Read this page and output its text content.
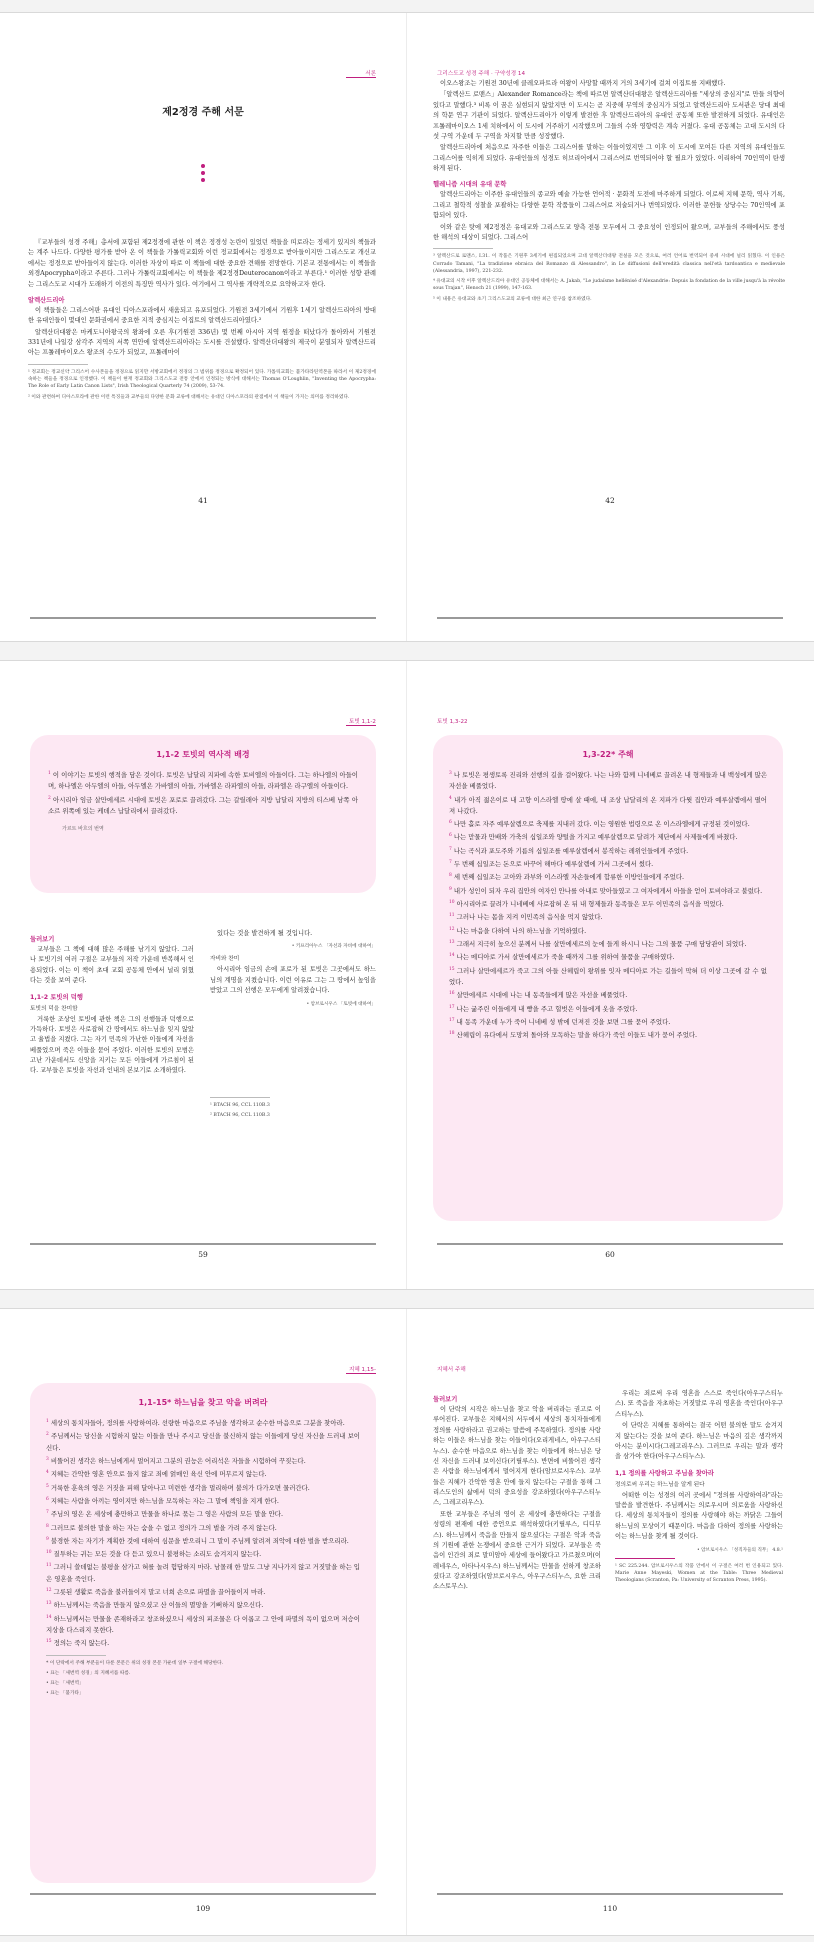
서론
제2정경 주해 서문
『교부들의 성경 주해』총서에 포함된 제2정경에 관한 이 책은 정경성 논란이 있었던 책들을 띠로라는 정세기 있지의 책들과는 계주 나드다. 다양한 평가를 받아 온 이 책들을 가톨릭교회와 이런 정교회에서는 정경으로 받아들이지만 그리스도교 개신교에서는 정경으로 받아들이지 않는다. 이러한 자상이 따로 이 책들에 대한 중요한 견해를 전망한다. 기본교 전통에서는 이 책들을 외경Apocrypha이라고 주른다. 그러나 가톨릭교회에서는 이 책들을 제2정경Deuterocanon이라고 부른다.¹ 이러한 성향 관례는 그리스도교 시대가 도래하기 이전의 특징만 역사가 있다. 여기에서 그 역사를 개략적으로 요약하고자 한다.
알렉산드리아
이 책들들은 그리스어판 유대인 디아스포라에서 새움되고 유포되었다. 기원전 3세기에서 기원후 1세기 알렉산드리아의 방대한 유대인들이 몇대인 문화권에서 중요한 지적 중심지는 이집트의 알렉산드리아였다.²
알렉산더대왕은 마케도니아왕국의 왕좌에 오른 후(기원전 336년) 몇 번째 아시아 지역 원정을 떠났다가 돌아와서 기원전 331년에 나일강 삼각주 지역의 서쪽 연안에 알렉산드리아라는 도시를 건설했다. 알렉산더대왕의 제국이 분열되자 알렉산드리아는 프톨레마이오스 왕조의 수도가 되었고, 프톨레마이
¹ 정교회는 정교신약 그리스어 수사본들을 정경으로 읽지만 서방교회에서 정경의 그 범위를 정경으로 확정되어 있다. 가톨릭교회는 불가타라틴역본을 따라서 이 제2정경에 속하는 책들을 정경으로 인정했다. 이 책들이 현재 정교회와 그리스도교 전통 안에서 인정되는 방식에 대해서는 Thomas O'Loughlin, "Inventing the Apocrypha: The Role of Early Latin Canon Lists", Irish Theological Quarterly 74 (2009), 53-74.
² 이와 관련하여 디아스포라에 관한 이런 특징들과 교부들의 다양한 문화 교류에 대해서는 유대인 디아스포라의 관점에서 이 책들이 가지는 의미를 정리하였다.
41
그리스도교 성경 주해 · 구약성경 14
이오스왕조는 기원전 30년에 클레오파트라 여왕이 사망할 때까지 거의 3세기에 걸쳐 이집트를 지배했다.
「알렉산드 로맨스」Alexander Romance라는 책에 따르면 알렉산더대왕은 알렉산드리아를 "세상의 중심지"로 만들 의향이 있다고 말했다.³ 비록 이 꿈은 실현되지 않았지만 이 도시는 곧 지중해 무역의 중심지가 되었고 알렉산드리아 도서관은 당대 최대의 학문 연구 기관이 되었다. 알렉산드리아가 이렇게 발전한 후 알렉산드리아의 유대인 공동체 또한 발전하게 되었다. 유대인은 프톨레마이오스 1세 치하에서 이 도시에 거주하기 시작했으며 그들의 수와 영향력은 계속 커졌다. 유대 공동체는 고대 도시의 다섯 구역 가운데 두 구역을 차지할 만큼 성장했다.
알렉산드리아에 처음으로 자주한 이들은 그리스어를 말하는 이들이었지만 그 이후 이 도시에 모여든 다른 지역의 유대인들도 그리스어를 익히게 되었다. 유대인들의 성경도 히브리어에서 그리스어로 번역되어야 할 필요가 있었다. 이리하여 70인역이 탄생하게 된다.
헬레니즘 시대의 유대 문학
알렉산드리아는 이주한 유대인들의 종교와 예술 가능한 언어적 · 문화적 도전에 마주하게 되었다. 이로써 지혜 문학, 역사 기록, 그리고 철학적 성찰을 포괄하는 다양한 문학 작품들이 그리스어로 저술되거나 번역되었다. 이러한 문헌들 상당수는 70인역에 포함되어 있다.
이와 같은 탓에 제2정경은 유대교와 그리스도교 양측 전통 모두에서 그 중요성이 인정되어 왔으며, 교부들의 주해에서도 풍성한 해석의 대상이 되었다. 그리스어
³ 알렉산드로 로맨스, I.31. 이 작품은 기원후 3세기에 편집되었으며 고대 알렉산더대왕 전설을 모은 것으로, 여러 언어로 번역되어 중세 시대에 널리 읽혔다. 이 인용은 Corrado Tamani, "La tradizione ebraica del Romanzo di Alessandro", in Le diffusioni dell'eredità classica nell'età tardoantica e medievale (Alessandria, 1997), 221-232.
⁴ 유대교의 시작 이후 알렉산드리아 유대인 공동체에 대해서는 A. Jakab, "Le judaïsme hellénisé d'Alexandrie: Depuis la fondation de la ville jusqu'à la révolte sous Trajan", Henoch 21 (1999), 147-163.
⁵ 이 내용은 유대교와 초기 그리스도교의 교류에 대한 최근 연구를 참조하였다.
42
토빗 1,1-2
1,1-2 토빗의 역사적 배경
$^1$ 이 이야기는 토빗의 행적을 담은 것이다. 토빗은 납달리 지파에 속한 토비엘의 아들이다. 그는 하나엘의 아들이며, 하나엘은 아두엘의 아들, 아두엘은 가바엘의 아들, 가바엘은 라파엘의 아들, 라파엘은 라구엘의 아들이다.
$^2$ 아시리아 임금 살만에세르 시대에 토빗은 포로로 끌려갔다. 그는 갈릴래아 지방 납달리 지방의 티스베 남쪽 아소르 위쪽에 있는 케데스 납달리에서 끌려갔다.
가르트 바흐의 번역
둘러보기
교부들은 그 책에 대해 많은 주해를 남기지 않았다. 그러나 토빗기의 여러 구절은 교부들의 저작 가운데 반복해서 인용되었다. 이는 이 책이 초대 교회 공동체 안에서 널리 읽혔다는 것을 보여 준다.
1,1-2 토빗의 덕행
토빗의 덕을 찬미함
거룩한 조상인 토빗에 관한 책은 그의 선행들과 덕행으로 가득하다. 토빗은 사로잡혀 간 땅에서도 하느님을 잊지 않았고 율법을 지켰다. 그는 자기 민족의 가난한 이들에게 자선을 베풀었으며 죽은 이들을 묻어 주었다. 이러한 토빗의 모범은 고난 가운데서도 신앙을 지키는 모든 이들에게 가르침이 된다. 교부들은 토빗을 자선과 인내의 본보기로 소개하였다.
있다는 것을 발견하게 될 것입니다.
• 키프리아누스 「자선과 자비에 대하여」
자비와 찬미
아시리아 임금의 손에 포로가 된 토빗은 그곳에서도 하느님의 계명을 지켰습니다. 이런 이유로 그는 그 땅에서 높임을 받았고 그의 선행은 모두에게 알려졌습니다.
• 암브로시우스 「토빗에 대하여」
¹ BTACH 96, CCL 110B.3
² BTACH 96, CCL 110B.3
59
토빗 1,3-22
1,3-22* 주해
$^3$ 나 토빗은 평생토록 진리와 선행의 길을 걸어왔다. 나는 나와 함께 니네베로 끌려온 내 형제들과 내 백성에게 많은 자선을 베풀었다.
$^4$ 내가 아직 젊은이로 내 고향 이스라엘 땅에 살 때에, 내 조상 납달리의 온 지파가 다윗 집안과 예루살렘에서 떨어져 나갔다.
$^6$ 나만 홀로 자주 예루살렘으로 축제를 지내러 갔다. 이는 영원한 법령으로 온 이스라엘에게 규정된 것이었다.
$^6$ 나는 맏물과 만배와 가축의 십일조와 양털을 가지고 예루살렘으로 달려가 제단에서 사제들에게 바쳤다.
$^7$ 나는 곡식과 포도주와 기름의 십일조를 예루살렘에서 봉직하는 레위인들에게 주었다.
$^7$ 두 번째 십일조는 돈으로 바꾸어 해마다 예루살렘에 가서 그곳에서 썼다.
$^8$ 세 번째 십일조는 고아와 과부와 이스라엘 자손들에게 합류한 이방인들에게 주었다.
$^9$ 내가 성인이 되자 우리 집안의 여자인 안나를 아내로 맞아들였고 그 여자에게서 아들을 얻어 토비야라고 불렀다.
$^{10}$ 아시리아로 끌려가 니네베에 사로잡혀 온 뒤 내 형제들과 동족들은 모두 이민족의 음식을 먹었다.
$^{11}$ 그러나 나는 몸을 지켜 이민족의 음식을 먹지 않았다.
$^{12}$ 나는 마음을 다하여 나의 하느님을 기억하였다.
$^{13}$ 그래서 지극히 높으신 분께서 나를 살만에세르의 눈에 들게 하시니 나는 그의 물품 구매 담당관이 되었다.
$^{14}$ 나는 메디아로 가서 살만에세르가 죽을 때까지 그를 위하여 물품을 구매하였다.
$^{15}$ 그러나 살만에세르가 죽고 그의 아들 산헤립이 왕위를 잇자 메디아로 가는 길들이 막혀 더 이상 그곳에 갈 수 없었다.
$^{16}$ 살만에세르 시대에 나는 내 동족들에게 많은 자선을 베풀었다.
$^{17}$ 나는 굶주린 이들에게 내 빵을 주고 헐벗은 이들에게 옷을 주었다.
$^{17}$ 내 동족 가운데 누가 죽어 니네베 성 밖에 던져진 것을 보면 그를 묻어 주었다.
$^{18}$ 산헤립이 유다에서 도망쳐 돌아와 모독하는 말을 하다가 죽인 이들도 내가 묻어 주었다.
60
지혜 1,15-
1,1-15* 하느님을 찾고 악을 버려라
$^1$ 세상의 통치자들아, 정의를 사랑하여라. 선량한 마음으로 주님을 생각하고 순수한 마음으로 그분을 찾아라.
$^2$ 주님께서는 당신을 시험하지 않는 이들을 만나 주시고 당신을 불신하지 않는 이들에게 당신 자신을 드러내 보이신다.
$^3$ 비뚤어진 생각은 하느님에게서 멀어지고 그분의 권능은 어리석은 자들을 시험하여 꾸짖는다.
$^4$ 지혜는 간악한 영혼 안으로 들지 않고 죄에 얽매인 육신 안에 머무르지 않는다.
$^5$ 거룩한 훈육의 영은 거짓을 피해 달아나고 미련한 생각을 멀리하며 불의가 다가오면 물러간다.
$^6$ 지혜는 사람을 아끼는 영이지만 하느님을 모독하는 자는 그 말에 책임을 지게 한다.
$^7$ 주님의 영은 온 세상에 충만하고 만물을 하나로 묶는 그 영은 사람의 모든 말을 안다.
$^8$ 그러므로 불의한 말을 하는 자는 숨을 수 없고 정의가 그의 벌을 가려 주지 않는다.
$^9$ 불경한 자는 자기가 계획한 것에 대하여 심문을 받으리니 그 말이 주님께 알려져 죄악에 대한 벌을 받으리라.
$^{10}$ 질투하는 귀는 모든 것을 다 듣고 있으니 불평하는 소리도 숨겨지지 않는다.
$^{11}$ 그러니 쓸데없는 불평을 삼가고 혀를 놀려 험담하지 마라. 남몰래 한 말도 그냥 지나가지 않고 거짓말을 하는 입은 영혼을 죽인다.
$^{12}$ 그릇된 생활로 죽음을 불러들이지 말고 너희 손으로 파멸을 끌어들이지 마라.
$^{13}$ 하느님께서는 죽음을 만들지 않으셨고 산 이들의 멸망을 기뻐하지 않으신다.
$^{14}$ 하느님께서는 만물을 존재하라고 창조하셨으니 세상의 피조물은 다 이롭고 그 안에 파멸의 독이 없으며 저승이 지상을 다스리지 못한다.
$^{15}$ 정의는 죽지 않는다.
* 이 단락에서 주해 부분들이 다룬 본문은 위의 성경 본문 가운데 일부 구절에 해당한다.
• 표는 「새번역 성경」의 지혜서를 따름.
• 표는 「새번역」
• 표는 「불가타」
109
지혜서 주해
둘러보기
이 단락의 시작은 하느님을 찾고 악을 버리라는 권고로 이루어진다. 교부들은 지혜서의 서두에서 세상의 통치자들에게 정의를 사랑하라고 권고하는 말씀에 주목하였다. 정의를 사랑하는 이들은 하느님을 찾는 이들이다(오리게네스, 아우구스티누스). 순수한 마음으로 하느님을 찾는 이들에게 하느님은 당신 자신을 드러내 보이신다(키릴루스). 반면에 비뚤어진 생각은 사람을 하느님에게서 멀어지게 한다(암브로시우스). 교부들은 지혜가 간악한 영혼 안에 들지 않는다는 구절을 통해 그리스도인의 삶에서 덕의 중요성을 강조하였다(아우구스티누스, 그레고리우스).
또한 교부들은 주님의 영이 온 세상에 충만하다는 구절을 성령의 편재에 대한 증언으로 해석하였다(키릴루스, 디디무스). 하느님께서 죽음을 만들지 않으셨다는 구절은 악과 죽음의 기원에 관한 논쟁에서 중요한 근거가 되었다. 교부들은 죽음이 인간의 죄로 말미암아 세상에 들어왔다고 가르쳤으며(이레네우스, 아타나시우스) 하느님께서는 만물을 선하게 창조하셨다고 강조하였다(암브로시우스, 아우구스티누스, 요한 크리소스토무스).
우리는 죄로써 우리 영혼을 스스로 죽인다(아우구스티누스). 또 죽음을 자초하는 거짓말로 우리 영혼을 죽인다(아우구스티누스).
이 단락은 지혜를 통하여는 결국 어떤 불의한 말도 숨겨지지 않는다는 것을 보여 준다. 하느님은 마음의 깊은 생각까지 아시는 분이시다(그레고리우스). 그러므로 우리는 말과 생각을 삼가야 한다(아우구스티누스).
1,1 정의를 사랑하고 주님을 찾아라
정의로써 우리는 하느님을 알게 된다
어떠한 이는 성경의 여러 곳에서 "정의를 사랑하여라"라는 말씀을 발견한다. 주님께서는 의로우시며 의로움을 사랑하신다. 세상의 통치자들이 정의를 사랑해야 하는 까닭은 그들이 하느님의 모상이기 때문이다. 마음을 다하여 정의를 사랑하는 이는 하느님을 찾게 될 것이다.
• 암브로시우스 「성직자들의 직무」 4.8.¹
¹ SC 225.244. 암브로시우스의 작품 안에서 이 구절은 여러 번 인용되고 있다. Marie Anne Mayeski, Women at the Table: Three Medieval Theologians (Scranton, Pa: University of Scranton Press, 1995).
110
